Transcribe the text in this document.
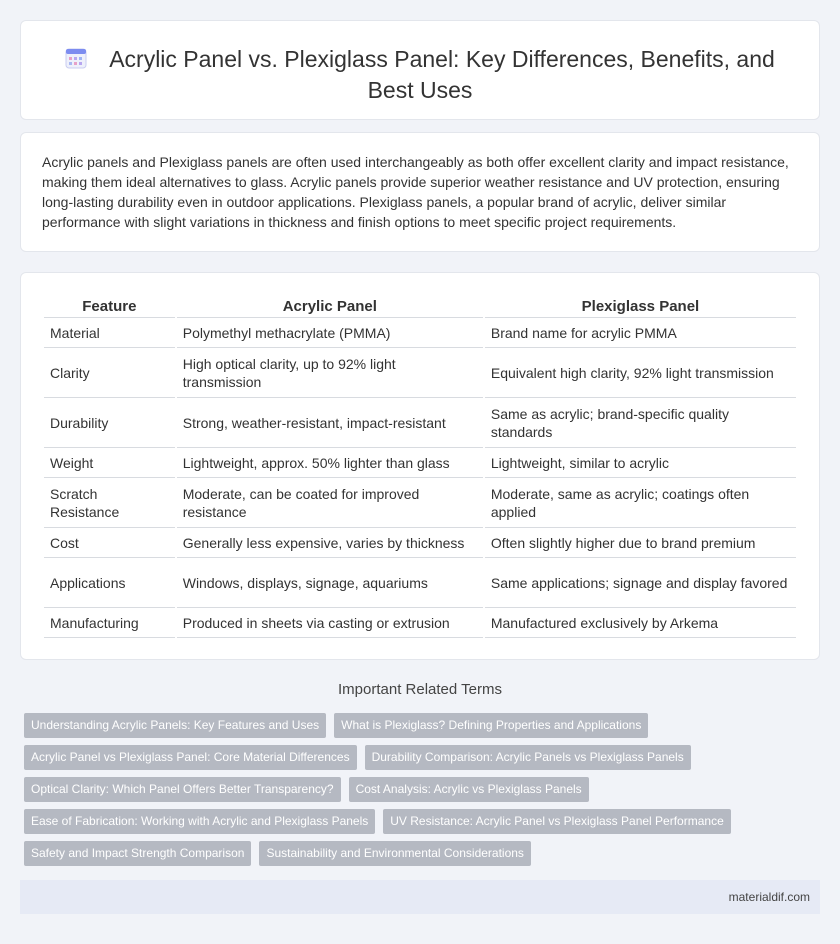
Acrylic Panel vs. Plexiglass Panel: Key Differences, Benefits, and Best Uses

Acrylic panels and Plexiglass panels are often used interchangeably as both offer excellent clarity and impact resistance, making them ideal alternatives to glass. Acrylic panels provide superior weather resistance and UV protection, ensuring long-lasting durability even in outdoor applications. Plexiglass panels, a popular brand of acrylic, deliver similar performance with slight variations in thickness and finish options to meet specific project requirements.

Feature	Acrylic Panel	Plexiglass Panel
Material	Polymethyl methacrylate (PMMA)	Brand name for acrylic PMMA
Clarity	High optical clarity, up to 92% light transmission	Equivalent high clarity, 92% light transmission
Durability	Strong, weather-resistant, impact-resistant	Same as acrylic; brand-specific quality standards
Weight	Lightweight, approx. 50% lighter than glass	Lightweight, similar to acrylic
Scratch Resistance	Moderate, can be coated for improved resistance	Moderate, same as acrylic; coatings often applied
Cost	Generally less expensive, varies by thickness	Often slightly higher due to brand premium
Applications	Windows, displays, signage, aquariums	Same applications; signage and display favored
Manufacturing	Produced in sheets via casting or extrusion	Manufactured exclusively by Arkema
Important Related Terms
Understanding Acrylic Panels: Key Features and Uses	What is Plexiglass? Defining Properties and Applications
Acrylic Panel vs Plexiglass Panel: Core Material Differences	Durability Comparison: Acrylic Panels vs Plexiglass Panels
Optical Clarity: Which Panel Offers Better Transparency?	Cost Analysis: Acrylic vs Plexiglass Panels
Ease of Fabrication: Working with Acrylic and Plexiglass Panels	UV Resistance: Acrylic Panel vs Plexiglass Panel Performance
Safety and Impact Strength Comparison	Sustainability and Environmental Considerations
materialdif.com
